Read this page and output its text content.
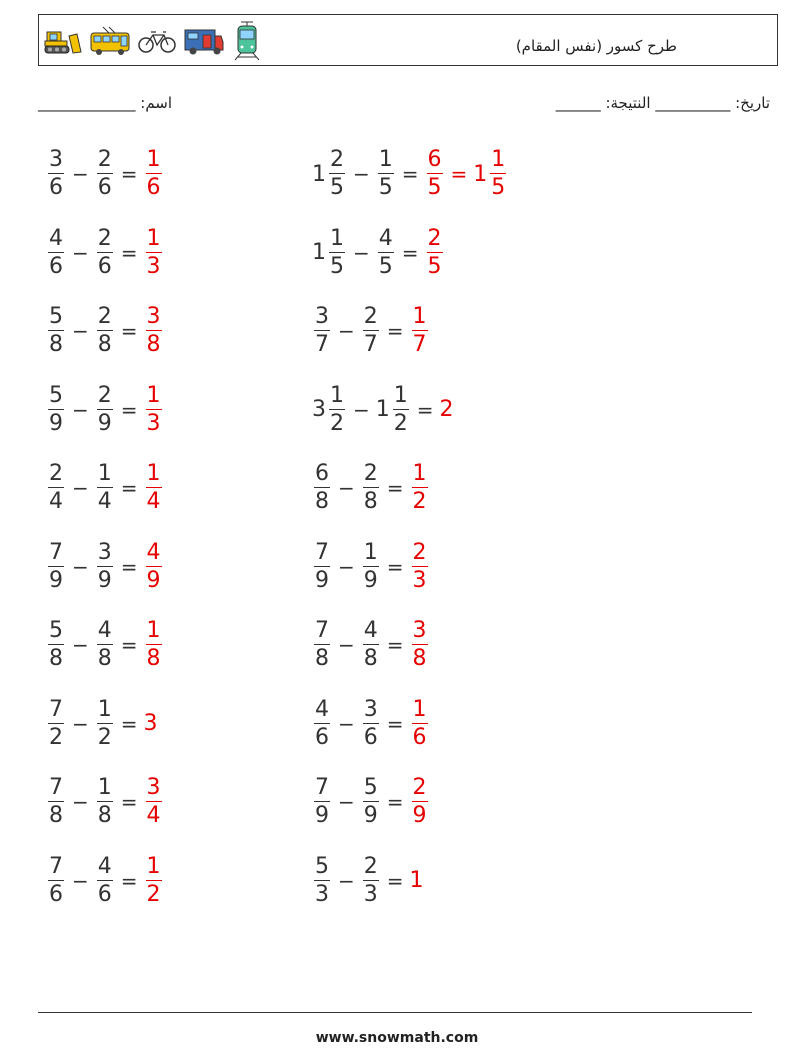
طرح كسور (نفس المقام)
اسم: _____________	______ :تاريخ: __________ النتيجة
$\frac{3}{6} - \frac{2}{6} = \frac{1}{6}$	$1 \frac{2}{5} - \frac{1}{5} = \frac{6}{5} = 1 \frac{1}{5}$
$\frac{4}{6} - \frac{2}{6} = \frac{1}{3}$	$1 \frac{1}{5} - \frac{4}{5} = \frac{2}{5}$
$\frac{5}{8} - \frac{2}{8} = \frac{3}{8}$	$\frac{3}{7} - \frac{2}{7} = \frac{1}{7}$
$\frac{5}{9} - \frac{2}{9} = \frac{1}{3}$	$3 \frac{1}{2} - 1 \frac{1}{2} = 2$
$\frac{2}{4} - \frac{1}{4} = \frac{1}{4}$	$\frac{6}{8} - \frac{2}{8} = \frac{1}{2}$
$\frac{7}{9} - \frac{3}{9} = \frac{4}{9}$	$\frac{7}{9} - \frac{1}{9} = \frac{2}{3}$
$\frac{5}{8} - \frac{4}{8} = \frac{1}{8}$	$\frac{7}{8} - \frac{4}{8} = \frac{3}{8}$
$\frac{7}{2} - \frac{1}{2} = 3$	$\frac{4}{6} - \frac{3}{6} = \frac{1}{6}$
$\frac{7}{8} - \frac{1}{8} = \frac{3}{4}$	$\frac{7}{9} - \frac{5}{9} = \frac{2}{9}$
$\frac{7}{6} - \frac{4}{6} = \frac{1}{2}$	$\frac{5}{3} - \frac{2}{3} = 1$
www.snowmath.com
